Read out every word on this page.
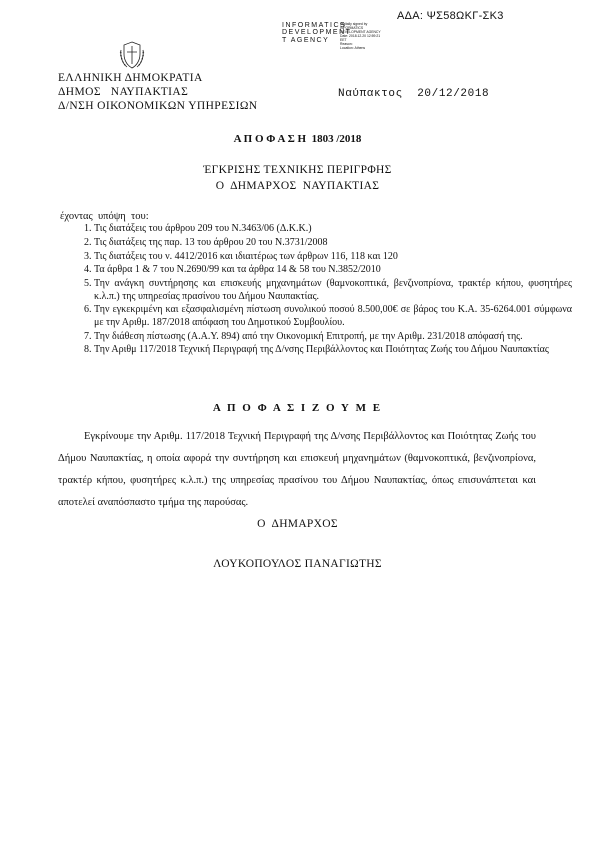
ΑΔΑ: ΨΣ58ΩΚΓ-ΣΚ3
INFORMATICS
DEVELOPMENT
T AGENCY
Digitally signed by
INFORMATICS
DEVELOPMENT AGENCY
Date: 2018.12.20 12:59:21
EET
Reason:
Location: Athens
ΕΛΛΗΝΙΚΗ ΔΗΜΟΚΡΑΤΙΑ
ΔΗΜΟΣ   ΝΑΥΠΑΚΤΙΑΣ
Δ/ΝΣΗ ΟΙΚΟΝΟΜΙΚΩΝ ΥΠΗΡΕΣΙΩΝ
Ναύπακτος  20/12/2018
Α Π Ο Φ Α Σ Η  1803 /2018
ΈΓΚΡΙΣΗΣ ΤΕΧΝΙΚΗΣ ΠΕΡΙΓΡΦΗΣ
Ο  ΔΗΜΑΡΧΟΣ  ΝΑΥΠΑΚΤΙΑΣ
έχοντας  υπόψη  του:
1. Τις διατάξεις του άρθρου 209 του Ν.3463/06 (Δ.Κ.Κ.)
2. Τις διατάξεις της παρ. 13 του άρθρου 20 του Ν.3731/2008
3. Τις διατάξεις του ν. 4412/2016 και ιδιαιτέρως των άρθρων 116, 118 και 120
4. Τα άρθρα 1 & 7 του Ν.2690/99 και τα άρθρα 14 & 58 του Ν.3852/2010
5. Την ανάγκη συντήρησης και επισκευής μηχανημάτων (θαμνοκοπτικά, βενζινοπρίονα, τρακτέρ κήπου, φυσητήρες κ.λ.π.) της υπηρεσίας πρασίνου του Δήμου Ναυπακτίας.
6. Την εγκεκριμένη και εξασφαλισμένη πίστωση συνολικού ποσού 8.500,00€ σε βάρος του Κ.Α. 35-6264.001 σύμφωνα με την Αριθμ. 187/2018 απόφαση του Δημοτικού Συμβουλίου.
7. Την διάθεση πίστωσης (Α.Α.Υ. 894) από την Οικονομική Επιτροπή, με την Αριθμ. 231/2018 απόφασή της.
8. Την Αριθμ 117/2018 Τεχνική Περιγραφή της Δ/νσης Περιβάλλοντος και Ποιότητας Ζωής του Δήμου Ναυπακτίας
Α Π Ο Φ Α Σ Ι Ζ Ο Υ Μ Ε
Εγκρίνουμε την Αριθμ. 117/2018 Τεχνική Περιγραφή της Δ/νσης Περιβάλλοντος και Ποιότητας Ζωής του Δήμου Ναυπακτίας, η οποία αφορά την συντήρηση και επισκευή μηχανημάτων (θαμνοκοπτικά, βενζινοπρίονα, τρακτέρ κήπου, φυσητήρες κ.λ.π.) της υπηρεσίας πρασίνου του Δήμου Ναυπακτίας, όπως επισυνάπτεται και αποτελεί αναπόσπαστο τμήμα της παρούσας.
Ο  ΔΗΜΑΡΧΟΣ
ΛΟΥΚΟΠΟΥΛΟΣ ΠΑΝΑΓΙΩΤΗΣ
